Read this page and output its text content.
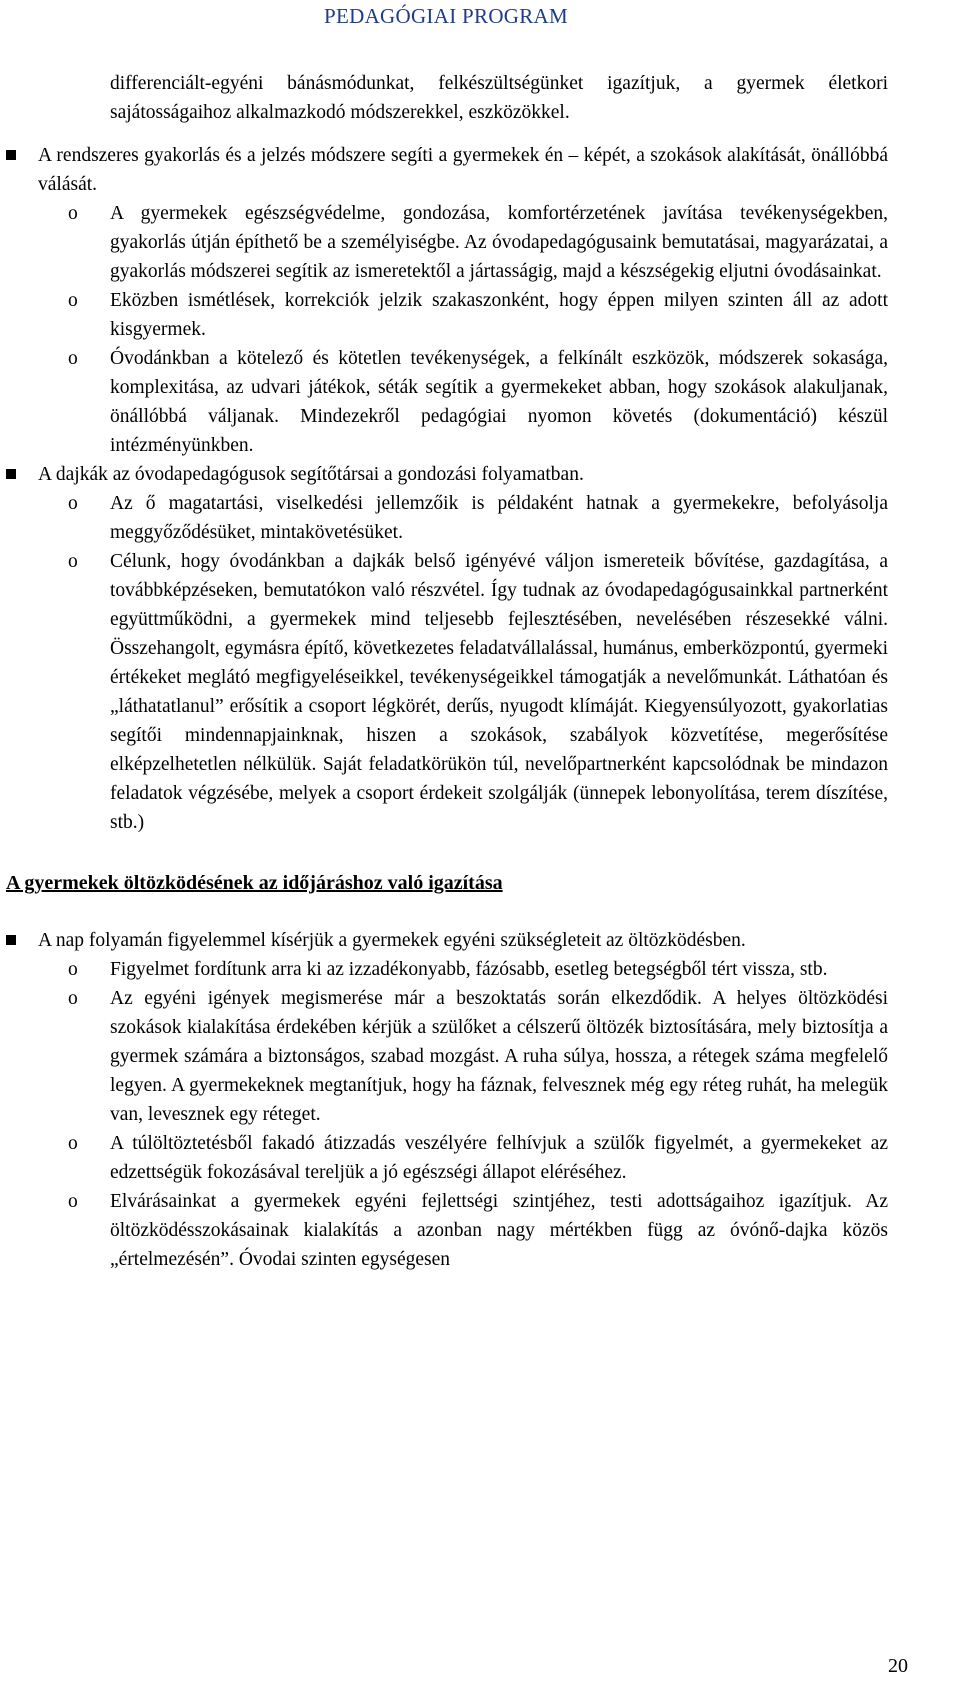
PEDAGÓGIAI PROGRAM
differenciált-egyéni bánásmódunkat, felkészültségünket igazítjuk, a gyermek életkori sajátosságaihoz alkalmazkodó módszerekkel, eszközökkel.
A rendszeres gyakorlás és a jelzés módszere segíti a gyermekek én – képét, a szokások alakítását, önállóbbá válását.
o A gyermekek egészségvédelme, gondozása, komfortérzetének javítása tevékenységekben, gyakorlás útján építhető be a személyiségbe. Az óvodapedagógusaink bemutatásai, magyarázatai, a gyakorlás módszerei segítik az ismeretektől a jártasságig, majd a készségekig eljutni óvodásainkat.
o Eközben ismétlések, korrekciók jelzik szakaszonként, hogy éppen milyen szinten áll az adott kisgyermek.
o Óvodánkban a kötelező és kötetlen tevékenységek, a felkínált eszközök, módszerek sokasága, komplexitása, az udvari játékok, séták segítik a gyermekeket abban, hogy szokások alakuljanak, önállóbbá váljanak. Mindezekről pedagógiai nyomon követés (dokumentáció) készül intézményünkben.
A dajkák az óvodapedagógusok segítőtársai a gondozási folyamatban.
o Az ő magatartási, viselkedési jellemzőik is példaként hatnak a gyermekekre, befolyásolja meggyőződésüket, mintakövetésüket.
o Célunk, hogy óvodánkban a dajkák belső igényévé váljon ismereteik bővítése, gazdagítása, a továbbképzéseken, bemutatókon való részvétel. Így tudnak az óvodapedagógusainkkal partnerként együttműködni, a gyermekek mind teljesebb fejlesztésében, nevelésében részesekké válni. Összehangolt, egymásra építő, következetes feladatvállalással, humánus, emberközpontú, gyermeki értékeket meglátó megfigyeléseikkel, tevékenységeikkel támogatják a nevelőmunkát. Láthatóan és „láthatatlanul” erősítik a csoport légkörét, derűs, nyugodt klímáját. Kiegyensúlyozott, gyakorlatias segítői mindennapjainknak, hiszen a szokások, szabályok közvetítése, megerősítése elképzelhetetlen nélkülük. Saját feladatkörükön túl, nevelőpartnerként kapcsolódnak be mindazon feladatok végzésébe, melyek a csoport érdekeit szolgálják (ünnepek lebonyolítása, terem díszítése, stb.)
A gyermekek öltözködésének az időjáráshoz való igazítása
A nap folyamán figyelemmel kísérjük a gyermekek egyéni szükségleteit az öltözködésben.
o Figyelmet fordítunk arra ki az izzadékonyabb, fázósabb, esetleg betegségből tért vissza, stb.
o Az egyéni igények megismerése már a beszoktatás során elkezdődik. A helyes öltözködési szokások kialakítása érdekében kérjük a szülőket a célszerű öltözék biztosítására, mely biztosítja a gyermek számára a biztonságos, szabad mozgást. A ruha súlya, hossza, a rétegek száma megfelelő legyen. A gyermekeknek megtanítjuk, hogy ha fáznak, felvesznek még egy réteg ruhát, ha melegük van, levesznek egy réteget.
o A túlöltöztetésből fakadó átizzadás veszélyére felhívjuk a szülők figyelmét, a gyermekeket az edzettségük fokozásával tereljük a jó egészségi állapot eléréséhez.
o Elvárásainkat a gyermekek egyéni fejlettségi szintjéhez, testi adottságaihoz igazítjuk. Az öltözködésszokásainak kialakítás a azonban nagy mértékben függ az óvónő-dajka közös „értelmezésén”. Óvodai szinten egységesen
20
